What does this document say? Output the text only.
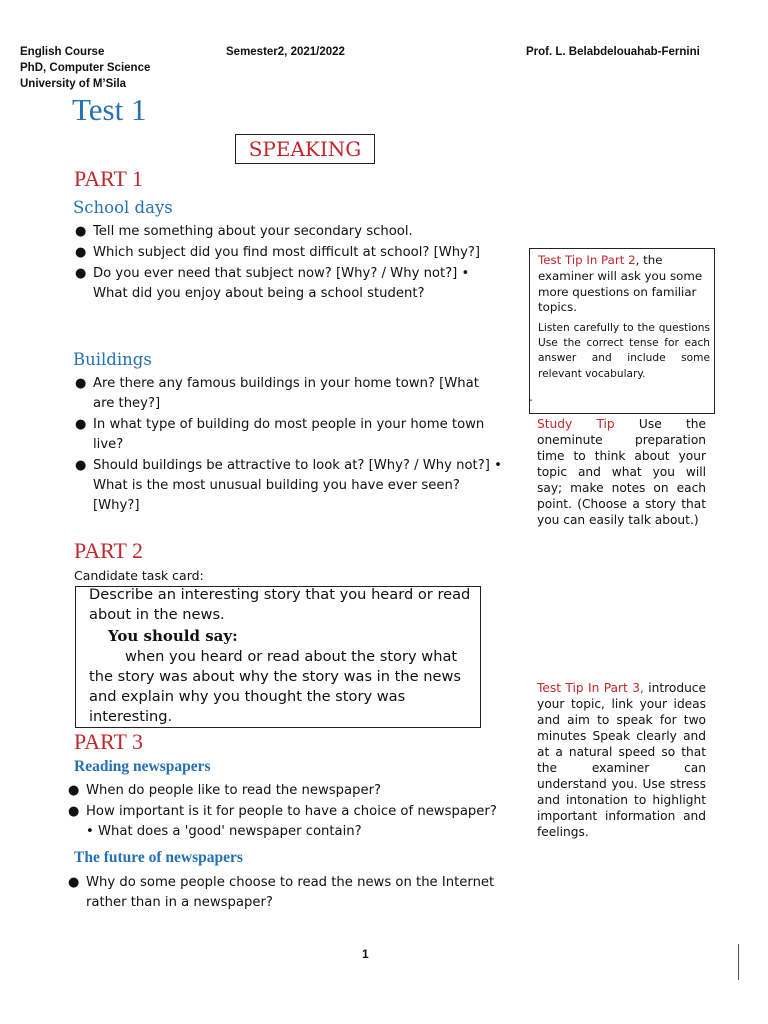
English Course
PhD, Computer Science
University of M’Sila
Semester2, 2021/2022	Prof. L. Belabdelouahab-Fernini
Test 1
SPEAKING
PART 1
School days
● Tell me something about your secondary school.
● Which subject did you find most difficult at school? [Why?]
● Do you ever need that subject now? [Why? / Why not?] • What did you enjoy about being a school student?
Buildings
● Are there any famous buildings in your home town? [What are they?]
● In what type of building do most people in your home town live?
● Should buildings be attractive to look at? [Why? / Why not?] • What is the most unusual building you have ever seen? [Why?]
-
Test Tip In Part 2, the examiner will ask you some more questions on familiar topics.
Listen carefully to the questions Use the correct tense for each answer and include some relevant vocabulary.
Study Tip Use the oneminute preparation time to think about your topic and what you will say; make notes on each point. (Choose a story that you can easily talk about.)
PART 2
Candidate task card:
Describe an interesting story that you heard or read about in the news.
You should say:
when you heard or read about the story what the story was about why the story was in the news and explain why you thought the story was interesting.
Test Tip In Part 3, introduce your topic, link your ideas and aim to speak for two minutes Speak clearly and at a natural speed so that the examiner can understand you. Use stress and intonation to highlight important information and feelings.
PART 3
Reading newspapers
● When do people like to read the newspaper?
● How important is it for people to have a choice of newspaper? • What does a 'good' newspaper contain?
The future of newspapers
● Why do some people choose to read the news on the Internet rather than in a newspaper?
1
